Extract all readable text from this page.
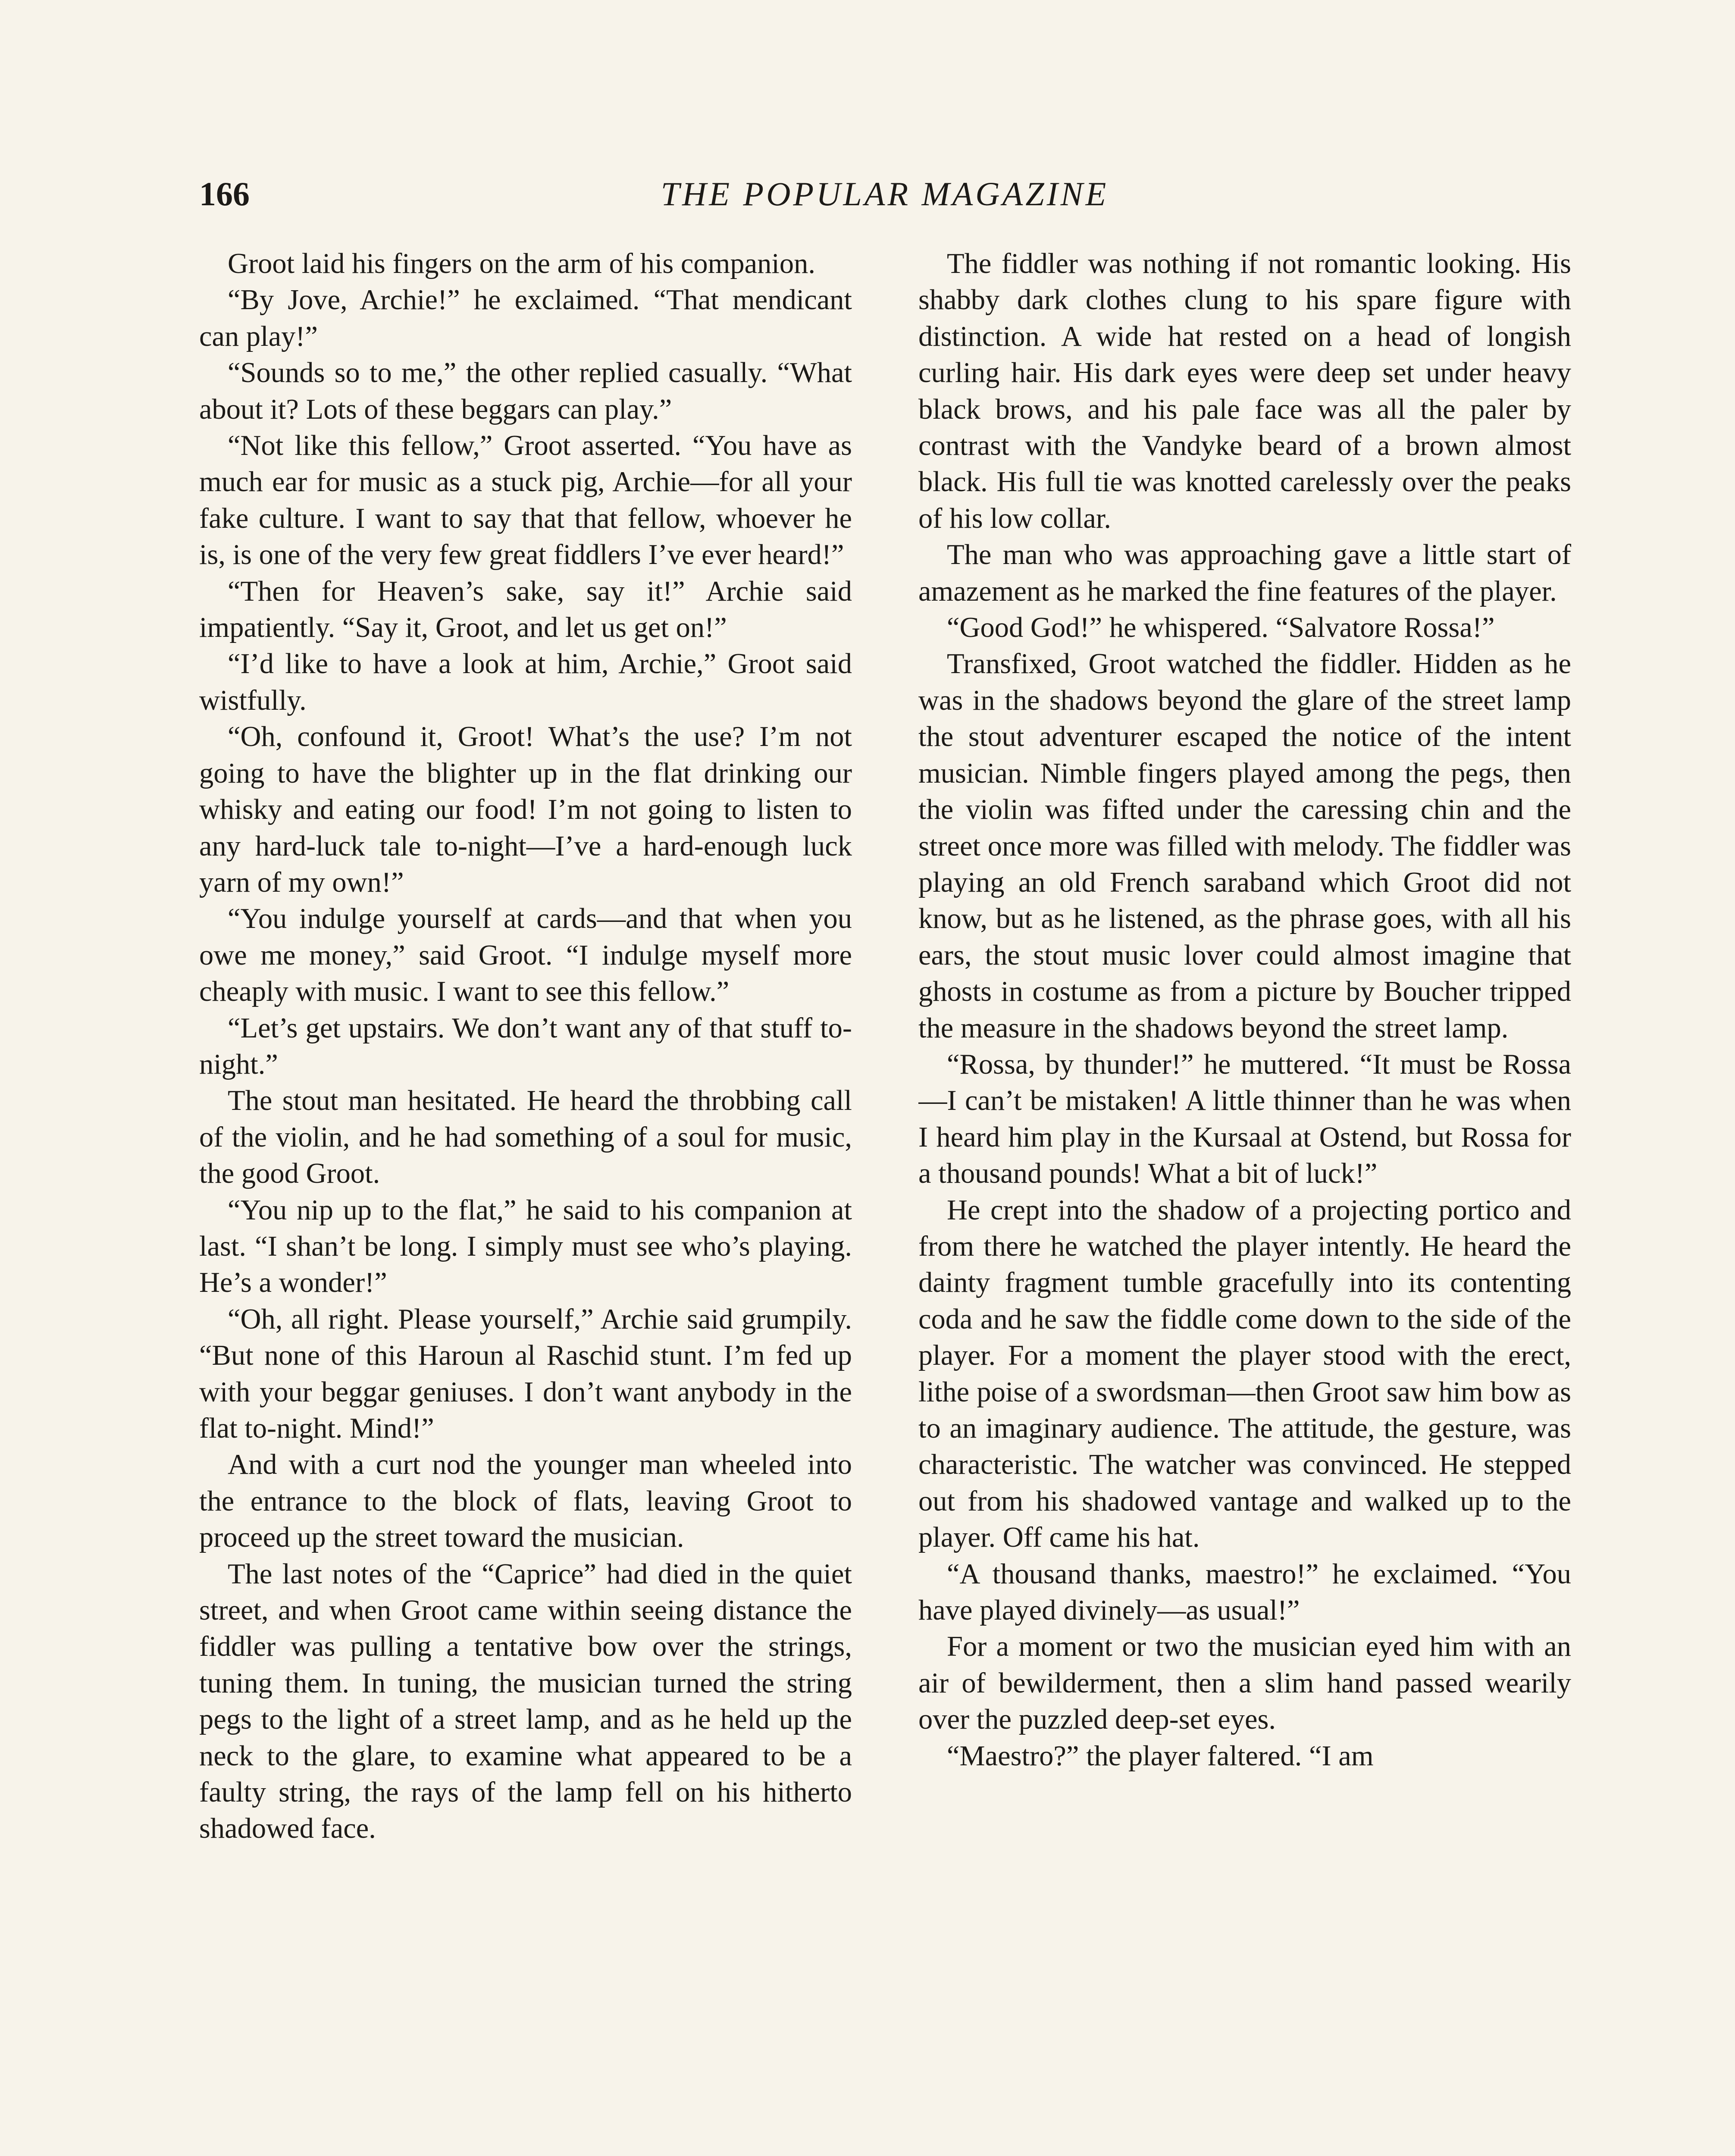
166	THE POPULAR MAGAZINE

Groot laid his fingers on the arm of his companion.

“By Jove, Archie!” he exclaimed. “That mendicant can play!”

“Sounds so to me,” the other replied casually. “What about it? Lots of these beggars can play.”

“Not like this fellow,” Groot asserted. “You have as much ear for music as a stuck pig, Archie—for all your fake culture. I want to say that that fellow, whoever he is, is one of the very few great fiddlers I’ve ever heard!”

“Then for Heaven’s sake, say it!” Archie said impatiently. “Say it, Groot, and let us get on!”

“I’d like to have a look at him, Archie,” Groot said wistfully.

“Oh, confound it, Groot! What’s the use? I’m not going to have the blighter up in the flat drinking our whisky and eating our food! I’m not going to listen to any hard-luck tale to-night—I’ve a hard-enough luck yarn of my own!”

“You indulge yourself at cards—and that when you owe me money,” said Groot. “I indulge myself more cheaply with music. I want to see this fellow.”

“Let’s get upstairs. We don’t want any of that stuff to-night.”

The stout man hesitated. He heard the throbbing call of the violin, and he had something of a soul for music, the good Groot.

“You nip up to the flat,” he said to his companion at last. “I shan’t be long. I simply must see who’s playing. He’s a wonder!”

“Oh, all right. Please yourself,” Archie said grumpily. “But none of this Haroun al Raschid stunt. I’m fed up with your beggar geniuses. I don’t want anybody in the flat to-night. Mind!”

And with a curt nod the younger man wheeled into the entrance to the block of flats, leaving Groot to proceed up the street toward the musician.

The last notes of the “Caprice” had died in the quiet street, and when Groot came within seeing distance the fiddler was pulling a tentative bow over the strings, tuning them. In tuning, the musician turned the string pegs to the light of a street lamp, and as he held up the neck to the glare, to examine what appeared to be a faulty string, the rays of the lamp fell on his hitherto shadowed face.

The fiddler was nothing if not romantic looking. His shabby dark clothes clung to his spare figure with distinction. A wide hat rested on a head of longish curling hair. His dark eyes were deep set under heavy black brows, and his pale face was all the paler by contrast with the Vandyke beard of a brown almost black. His full tie was knotted carelessly over the peaks of his low collar.

The man who was approaching gave a little start of amazement as he marked the fine features of the player.

“Good God!” he whispered. “Salvatore Rossa!”

Transfixed, Groot watched the fiddler. Hidden as he was in the shadows beyond the glare of the street lamp the stout adventurer escaped the notice of the intent musician. Nimble fingers played among the pegs, then the violin was fifted under the caressing chin and the street once more was filled with melody. The fiddler was playing an old French saraband which Groot did not know, but as he listened, as the phrase goes, with all his ears, the stout music lover could almost imagine that ghosts in costume as from a picture by Boucher tripped the measure in the shadows beyond the street lamp.

“Rossa, by thunder!” he muttered. “It must be Rossa—I can’t be mistaken! A little thinner than he was when I heard him play in the Kursaal at Ostend, but Rossa for a thousand pounds! What a bit of luck!”

He crept into the shadow of a projecting portico and from there he watched the player intently. He heard the dainty fragment tumble gracefully into its contenting coda and he saw the fiddle come down to the side of the player. For a moment the player stood with the erect, lithe poise of a swordsman—then Groot saw him bow as to an imaginary audience. The attitude, the gesture, was characteristic. The watcher was convinced. He stepped out from his shadowed vantage and walked up to the player. Off came his hat.

“A thousand thanks, maestro!” he exclaimed. “You have played divinely—as usual!”

For a moment or two the musician eyed him with an air of bewilderment, then a slim hand passed wearily over the puzzled deep-set eyes.

“Maestro?” the player faltered. “I am
